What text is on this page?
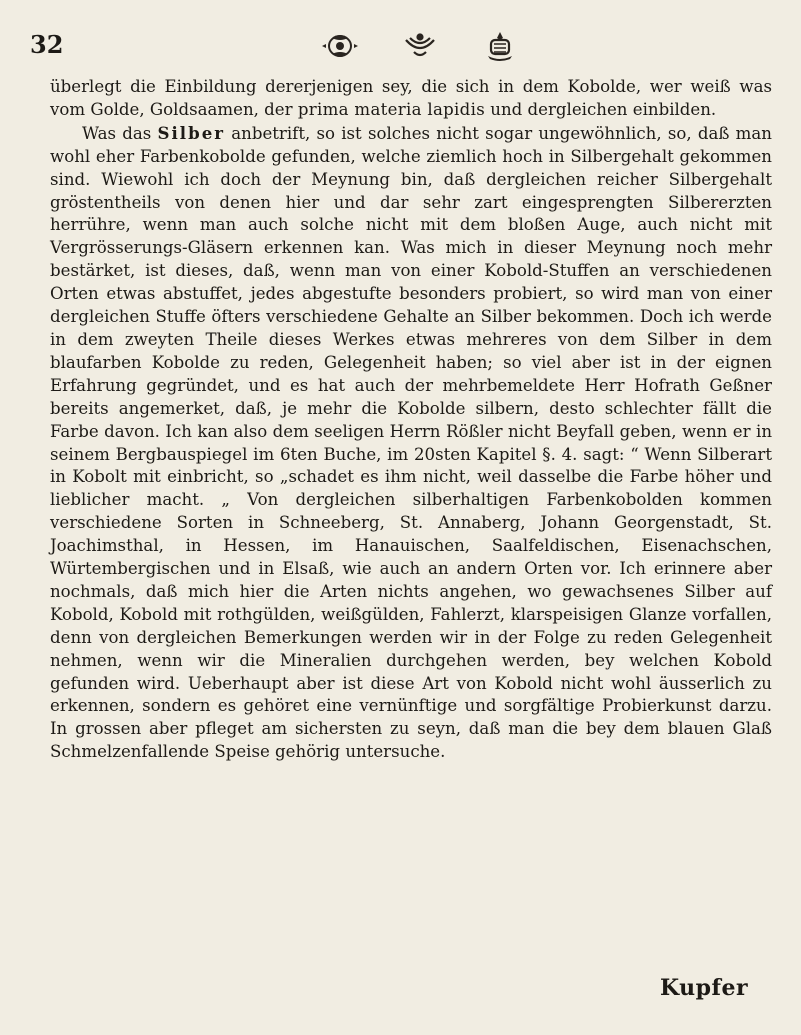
32

überlegt die Einbildung dererjenigen sey, die sich in dem Kobolde, wer weiß was vom Golde, Goldsaamen, der prima materia lapidis und dergleichen einbilden.

Was das Silber anbetrift, so ist solches nicht sogar ungewöhnlich, so, daß man wohl eher Farbenkobolde gefunden, welche ziemlich hoch in Silbergehalt gekommen sind. Wiewohl ich doch der Meynung bin, daß dergleichen reicher Silbergehalt gröstentheils von denen hier und dar sehr zart eingesprengten Silbererzten herrühre, wenn man auch solche nicht mit dem bloßen Auge, auch nicht mit Vergrösserungs-Gläsern erkennen kan. Was mich in dieser Meynung noch mehr bestärket, ist dieses, daß, wenn man von einer Kobold-Stuffen an verschiedenen Orten etwas abstuffet, jedes abgestufte besonders probiert, so wird man von einer dergleichen Stuffe öfters verschiedene Gehalte an Silber bekommen. Doch ich werde in dem zweyten Theile dieses Werkes etwas mehreres von dem Silber in dem blaufarben Kobolde zu reden, Gelegenheit haben; so viel aber ist in der eignen Erfahrung gegründet, und es hat auch der mehrbemeldete Herr Hofrath Geßner bereits angemerket, daß, je mehr die Kobolde silbern, desto schlechter fällt die Farbe davon. Ich kan also dem seeligen Herrn Rößler nicht Beyfall geben, wenn er in seinem Bergbauspiegel im 6ten Buche, im 20sten Kapitel §. 4. sagt: “ Wenn Silberart in Kobolt mit einbricht, so „schadet es ihm nicht, weil dasselbe die Farbe höher und lieblicher macht. „ Von dergleichen silberhaltigen Farbenkobolden kommen verschiedene Sorten in Schneeberg, St. Annaberg, Johann Georgenstadt, St. Joachimsthal, in Hessen, im Hanauischen, Saalfeldischen, Eisenachschen, Würtembergischen und in Elsaß, wie auch an andern Orten vor. Ich erinnere aber nochmals, daß mich hier die Arten nichts angehen, wo gewachsenes Silber auf Kobold, Kobold mit rothgülden, weißgülden, Fahlerzt, klarspeisigen Glanze vorfallen, denn von dergleichen Bemerkungen werden wir in der Folge zu reden Gelegenheit nehmen, wenn wir die Mineralien durchgehen werden, bey welchen Kobold gefunden wird. Ueberhaupt aber ist diese Art von Kobold nicht wohl äusserlich zu erkennen, sondern es gehöret eine vernünftige und sorgfältige Probierkunst darzu. In grossen aber pfleget am sichersten zu seyn, daß man die bey dem blauen Glaß Schmelzenfallende Speise gehörig untersuche.

Kupfer
